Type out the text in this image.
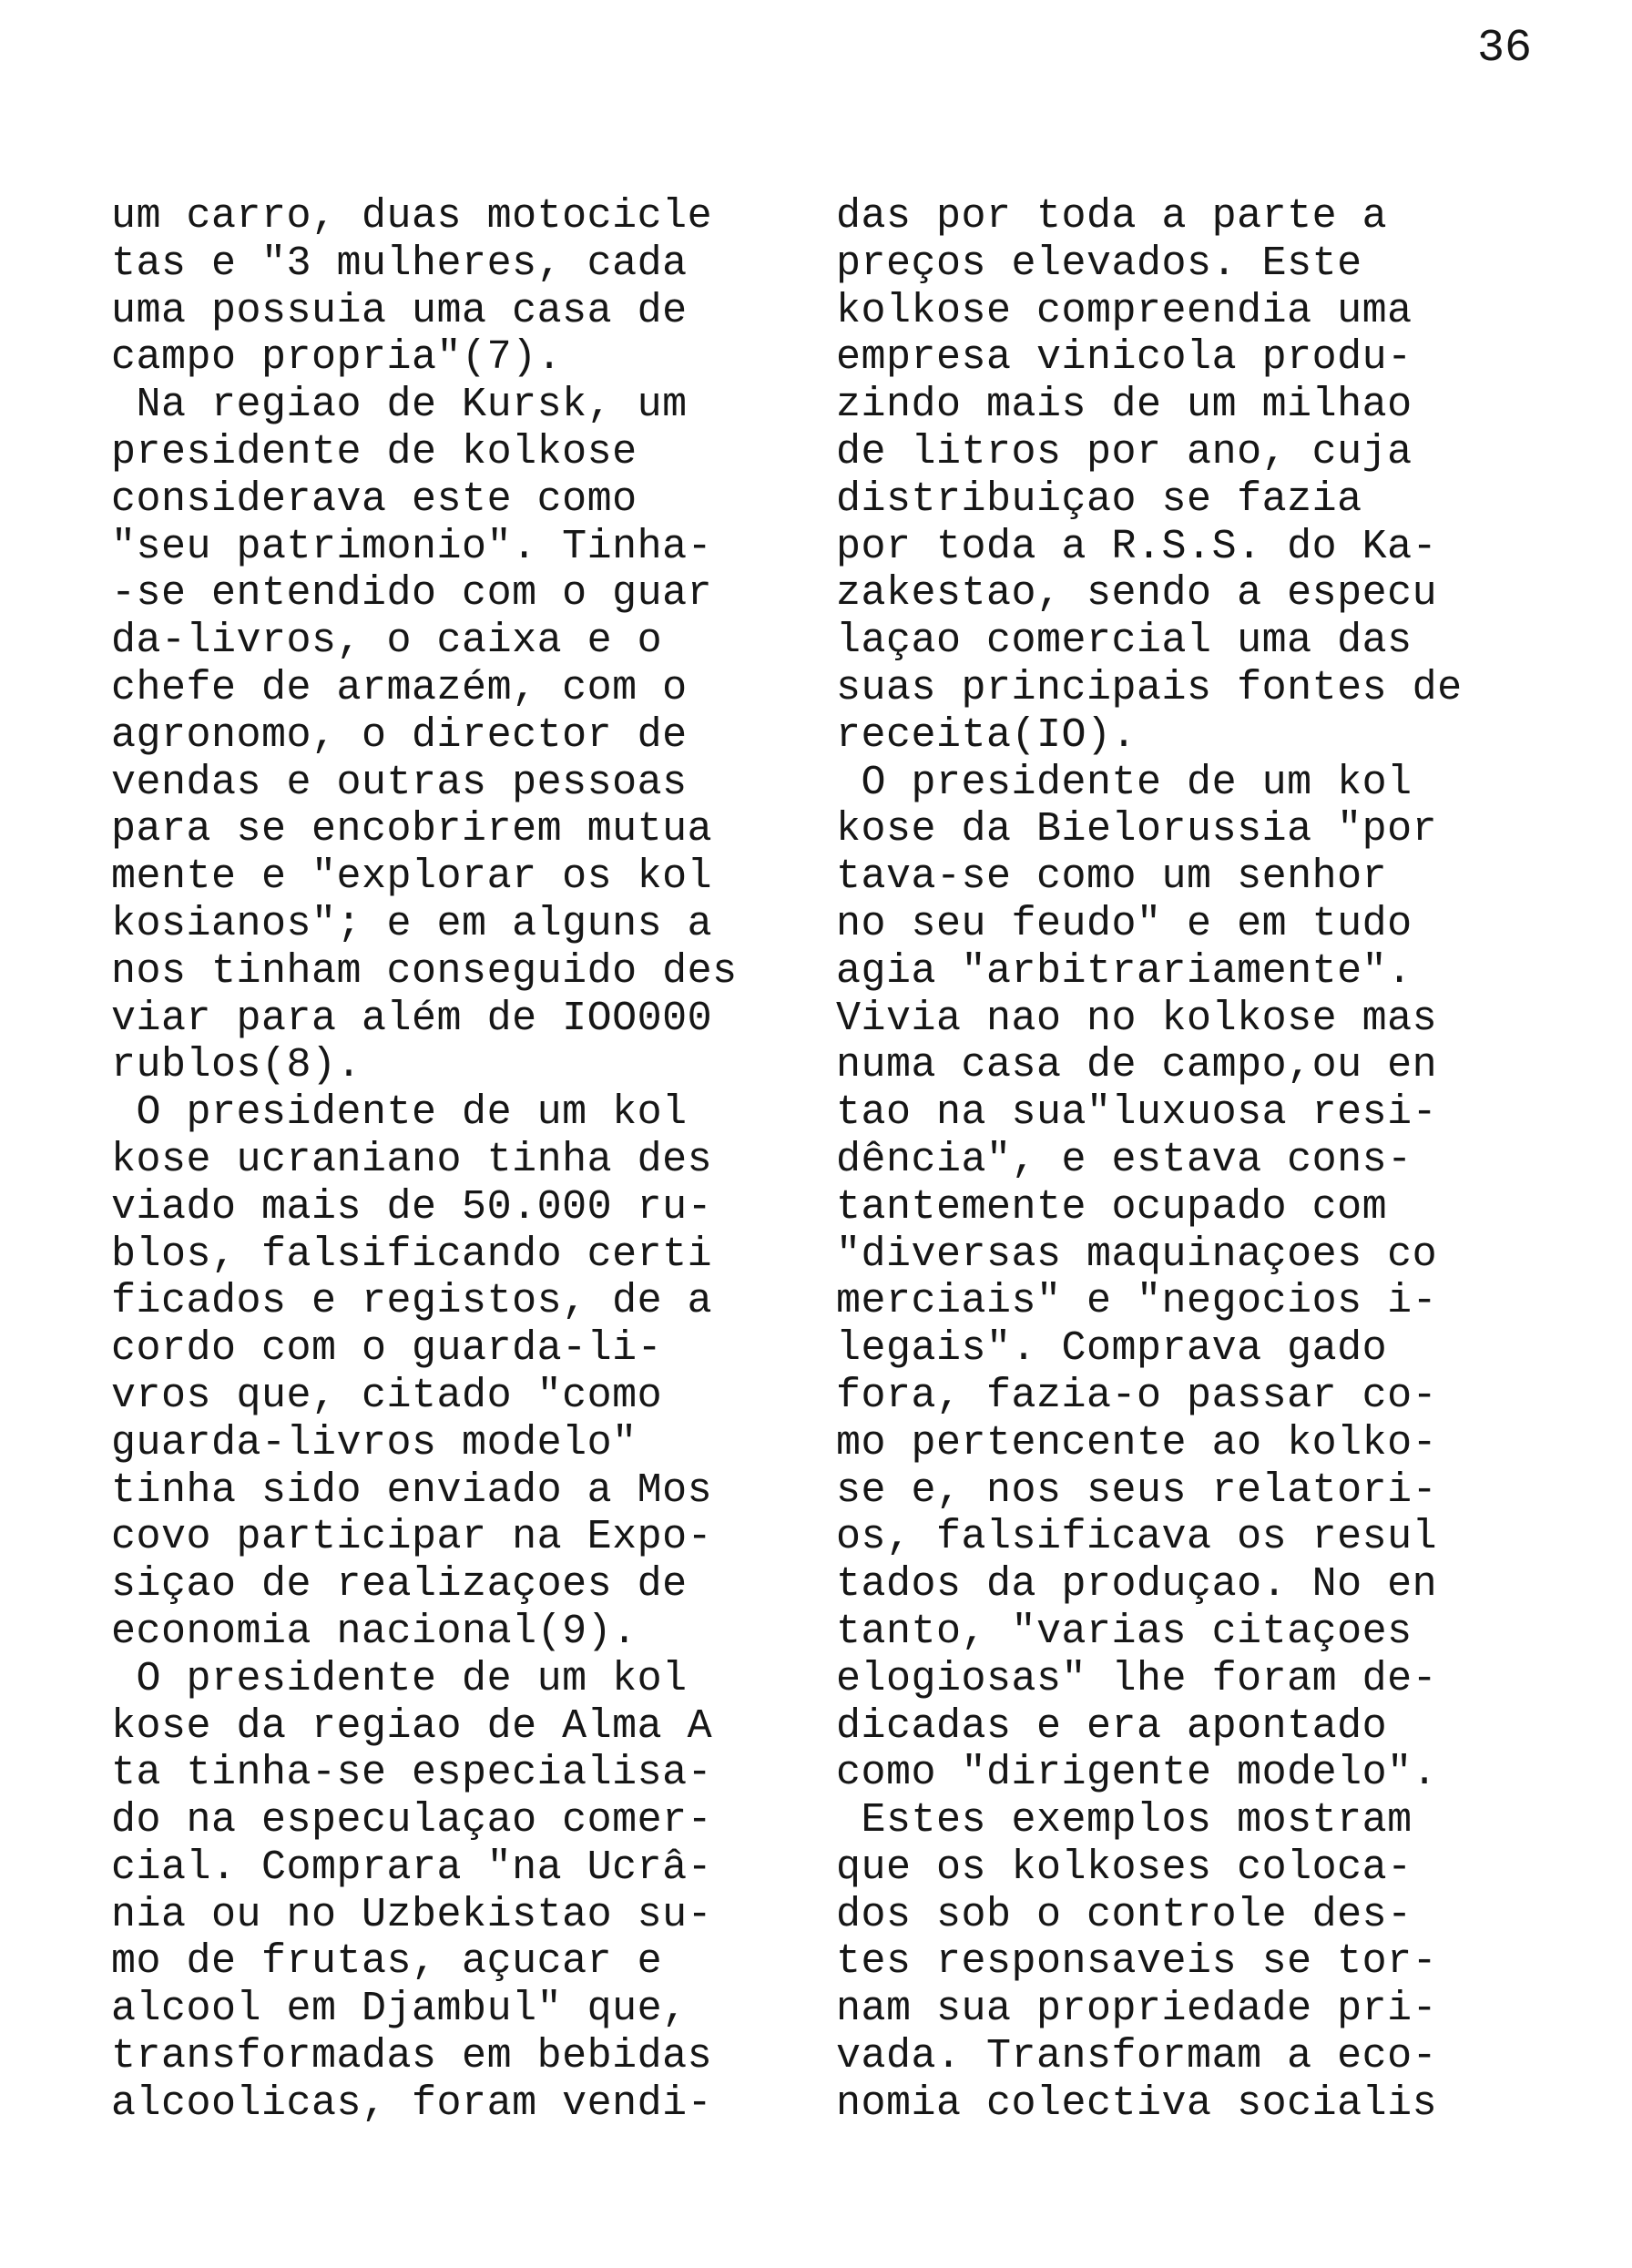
36
um carro, duas motocicle
tas e "3 mulheres, cada
uma possuia uma casa de
campo propria"(7).
Na regiao de Kursk, um
presidente de kolkose
considerava este como
"seu patrimonio". Tinha-
-se entendido com o guar
da-livros, o caixa e o
chefe de armazém, com o
agronomo, o director de
vendas e outras pessoas
para se encobrirem mutua
mente e "explorar os kol
kosianos"; e em alguns a
nos tinham conseguido des
viar para além de IOO000
rublos(8).
O presidente de um kol
kose ucraniano tinha des
viado mais de 50.000 ru-
blos, falsificando certi
ficados e registos, de a
cordo com o guarda-li-
vros que, citado "como
guarda-livros modelo"
tinha sido enviado a Mos
covo participar na Expo-
siçao de realizaçoes de
economia nacional(9).
O presidente de um kol
kose da regiao de Alma A
ta tinha-se especialisa-
do na especulaçao comer-
cial. Comprara "na Ucrâ-
nia ou no Uzbekistao su-
mo de frutas, açucar e
alcool em Djambul" que,
transformadas em bebidas
alcoolicas, foram vendi-
das por toda a parte a
preços elevados. Este
kolkose compreendia uma
empresa vinicola produ-
zindo mais de um milhao
de litros por ano, cuja
distribuiçao se fazia
por toda a R.S.S. do Ka-
zakestao, sendo a especu
laçao comercial uma das
suas principais fontes de
receita(IO).
O presidente de um kol
kose da Bielorussia "por
tava-se como um senhor
no seu feudo" e em tudo
agia "arbitrariamente".
Vivia nao no kolkose mas
numa casa de campo,ou en
tao na sua"luxuosa resi-
dência", e estava cons-
tantemente ocupado com
"diversas maquinaçoes co
merciais" e "negocios i-
legais". Comprava gado
fora, fazia-o passar co-
mo pertencente ao kolko-
se e, nos seus relatori-
os, falsificava os resul
tados da produçao. No en
tanto, "varias citaçoes
elogiosas" lhe foram de-
dicadas e era apontado
como "dirigente modelo".
Estes exemplos mostram
que os kolkoses coloca-
dos sob o controle des-
tes responsaveis se tor-
nam sua propriedade pri-
vada. Transformam a eco-
nomia colectiva socialis
